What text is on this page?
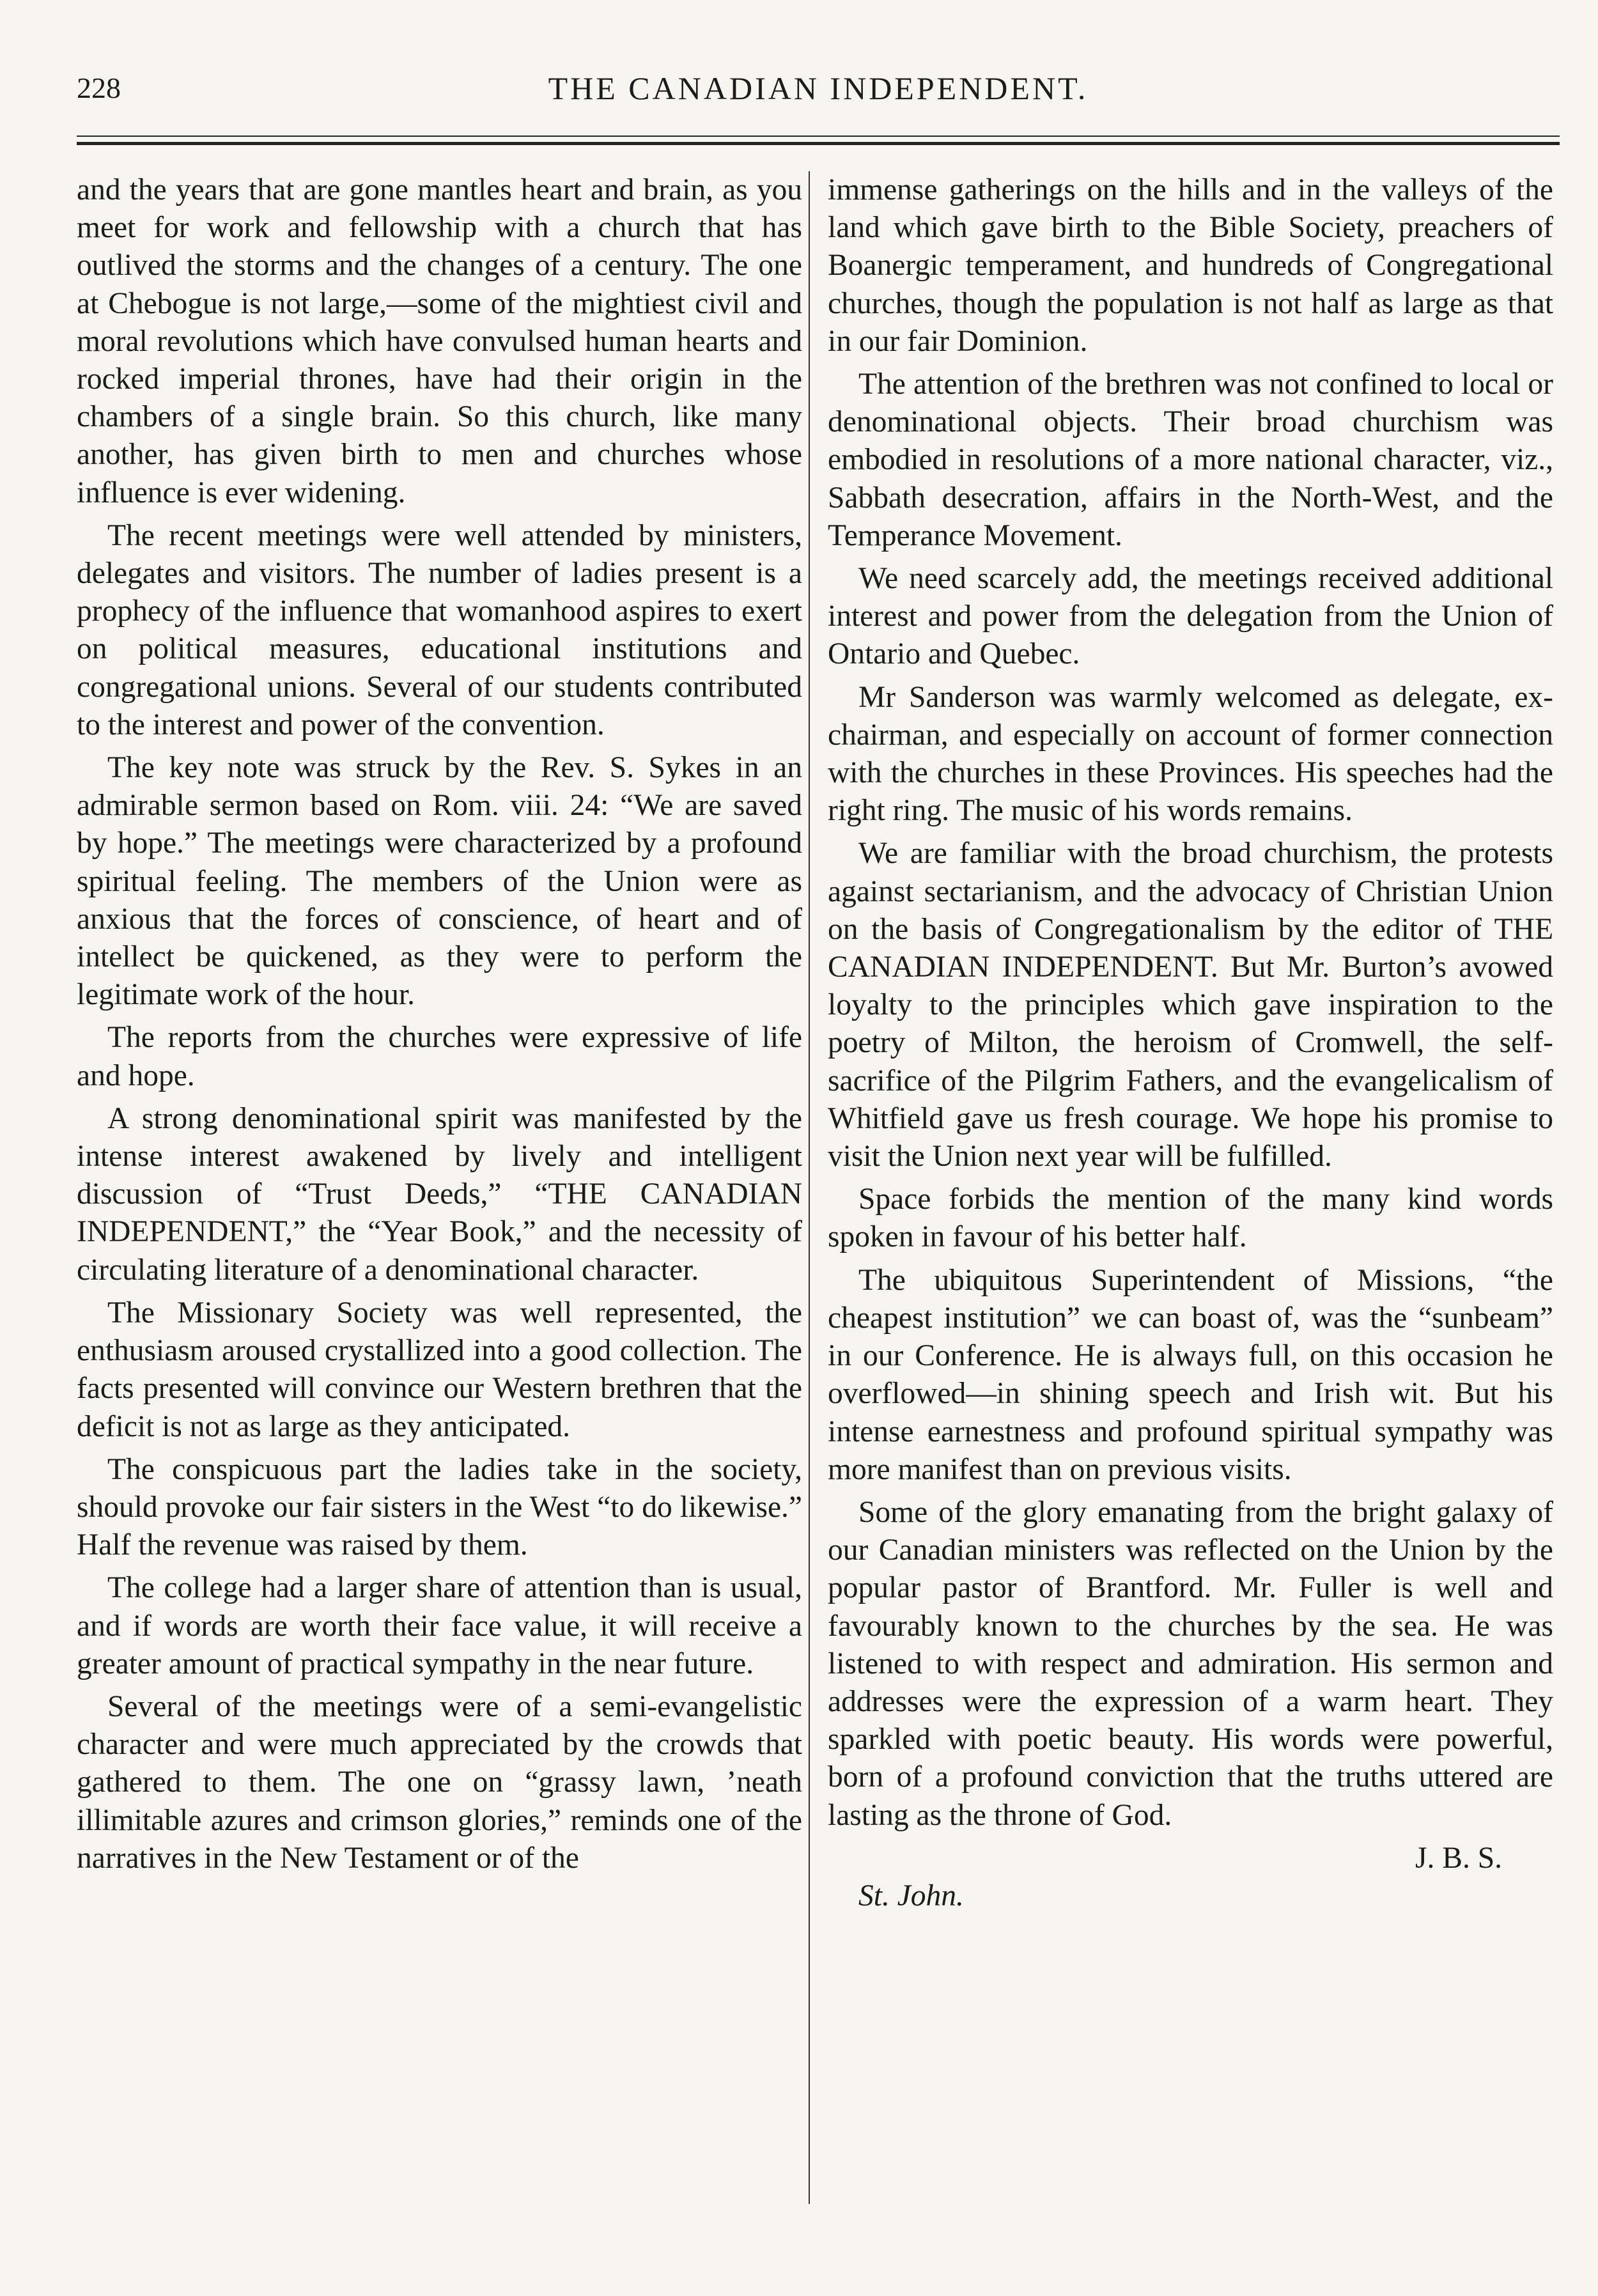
228	THE CANADIAN INDEPENDENT.

and the years that are gone mantles heart and brain, as you meet for work and fellowship with a church that has outlived the storms and the changes of a century. The one at Chebogue is not large,—some of the mightiest civil and moral revolutions which have convulsed human hearts and rocked imperial thrones, have had their origin in the chambers of a single brain. So this church, like many another, has given birth to men and churches whose influence is ever widening.

The recent meetings were well attended by ministers, delegates and visitors. The number of ladies present is a prophecy of the influence that womanhood aspires to exert on political measures, educational institutions and congregational unions. Several of our students contributed to the interest and power of the convention.

The key note was struck by the Rev. S. Sykes in an admirable sermon based on Rom. viii. 24: “We are saved by hope.” The meetings were characterized by a profound spiritual feeling. The members of the Union were as anxious that the forces of conscience, of heart and of intellect be quickened, as they were to perform the legitimate work of the hour.

The reports from the churches were expressive of life and hope.

A strong denominational spirit was manifested by the intense interest awakened by lively and intelligent discussion of “Trust Deeds,” “THE CANADIAN INDEPENDENT,” the “Year Book,” and the necessity of circulating literature of a denominational character.

The Missionary Society was well represented, the enthusiasm aroused crystallized into a good collection. The facts presented will convince our Western brethren that the deficit is not as large as they anticipated.

The conspicuous part the ladies take in the society, should provoke our fair sisters in the West “to do likewise.” Half the revenue was raised by them.

The college had a larger share of attention than is usual, and if words are worth their face value, it will receive a greater amount of practical sympathy in the near future.

Several of the meetings were of a semi-evangelistic character and were much appreciated by the crowds that gathered to them. The one on “grassy lawn, ’neath illimitable azures and crimson glories,” reminds one of the narratives in the New Testament or of the

immense gatherings on the hills and in the valleys of the land which gave birth to the Bible Society, preachers of Boanergic temperament, and hundreds of Congregational churches, though the population is not half as large as that in our fair Dominion.

The attention of the brethren was not confined to local or denominational objects. Their broad churchism was embodied in resolutions of a more national character, viz., Sabbath desecration, affairs in the North-West, and the Temperance Movement.

We need scarcely add, the meetings received additional interest and power from the delegation from the Union of Ontario and Quebec.

Mr Sanderson was warmly welcomed as delegate, ex-chairman, and especially on account of former connection with the churches in these Provinces. His speeches had the right ring. The music of his words remains.

We are familiar with the broad churchism, the protests against sectarianism, and the advocacy of Christian Union on the basis of Congregationalism by the editor of THE CANADIAN INDEPENDENT. But Mr. Burton’s avowed loyalty to the principles which gave inspiration to the poetry of Milton, the heroism of Cromwell, the self-sacrifice of the Pilgrim Fathers, and the evangelicalism of Whitfield gave us fresh courage. We hope his promise to visit the Union next year will be fulfilled.

Space forbids the mention of the many kind words spoken in favour of his better half.

The ubiquitous Superintendent of Missions, “the cheapest institution” we can boast of, was the “sunbeam” in our Conference. He is always full, on this occasion he overflowed—in shining speech and Irish wit. But his intense earnestness and profound spiritual sympathy was more manifest than on previous visits.

Some of the glory emanating from the bright galaxy of our Canadian ministers was reflected on the Union by the popular pastor of Brantford. Mr. Fuller is well and favourably known to the churches by the sea. He was listened to with respect and admiration. His sermon and addresses were the expression of a warm heart. They sparkled with poetic beauty. His words were powerful, born of a profound conviction that the truths uttered are lasting as the throne of God.

J. B. S.

St. John.
